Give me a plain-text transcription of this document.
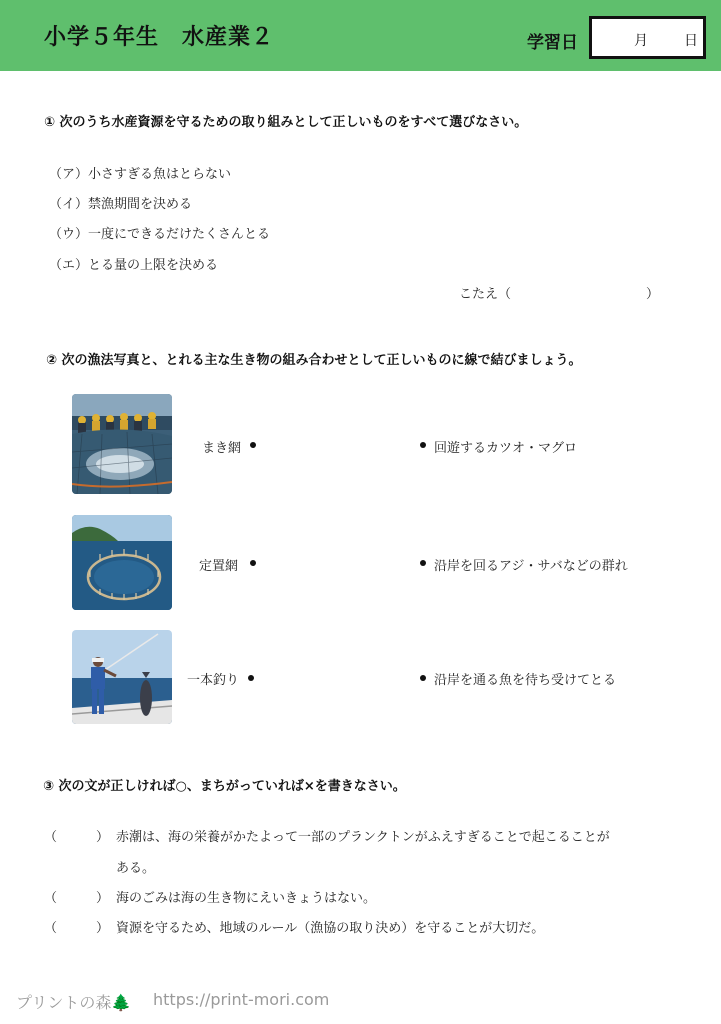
小学５年生　水産業２	学習日	月	日
① 次のうち水産資源を守るための取り組みとして正しいものをすべて選びなさい。
（ア）小さすぎる魚はとらない
（イ）禁漁期間を決める
（ウ）一度にできるだけたくさんとる
（エ）とる量の上限を決める
こたえ（	）
② 次の漁法写真と、とれる主な生き物の組み合わせとして正しいものに線で結びましょう。
まき網	回遊するカツオ・マグロ
定置網	沿岸を回るアジ・サバなどの群れ
一本釣り	沿岸を通る魚を待ち受けてとる
③ 次の文が正しければ○、まちがっていれば×を書きなさい。
（　　　） 赤潮は、海の栄養がかたよって一部のプランクトンがふえすぎることで起こることが
ある。
（　　　） 海のごみは海の生き物にえいきょうはない。
（　　　） 資源を守るため、地域のルール（漁協の取り決め）を守ることが大切だ。
プリントの森🌲 https://print-mori.com
